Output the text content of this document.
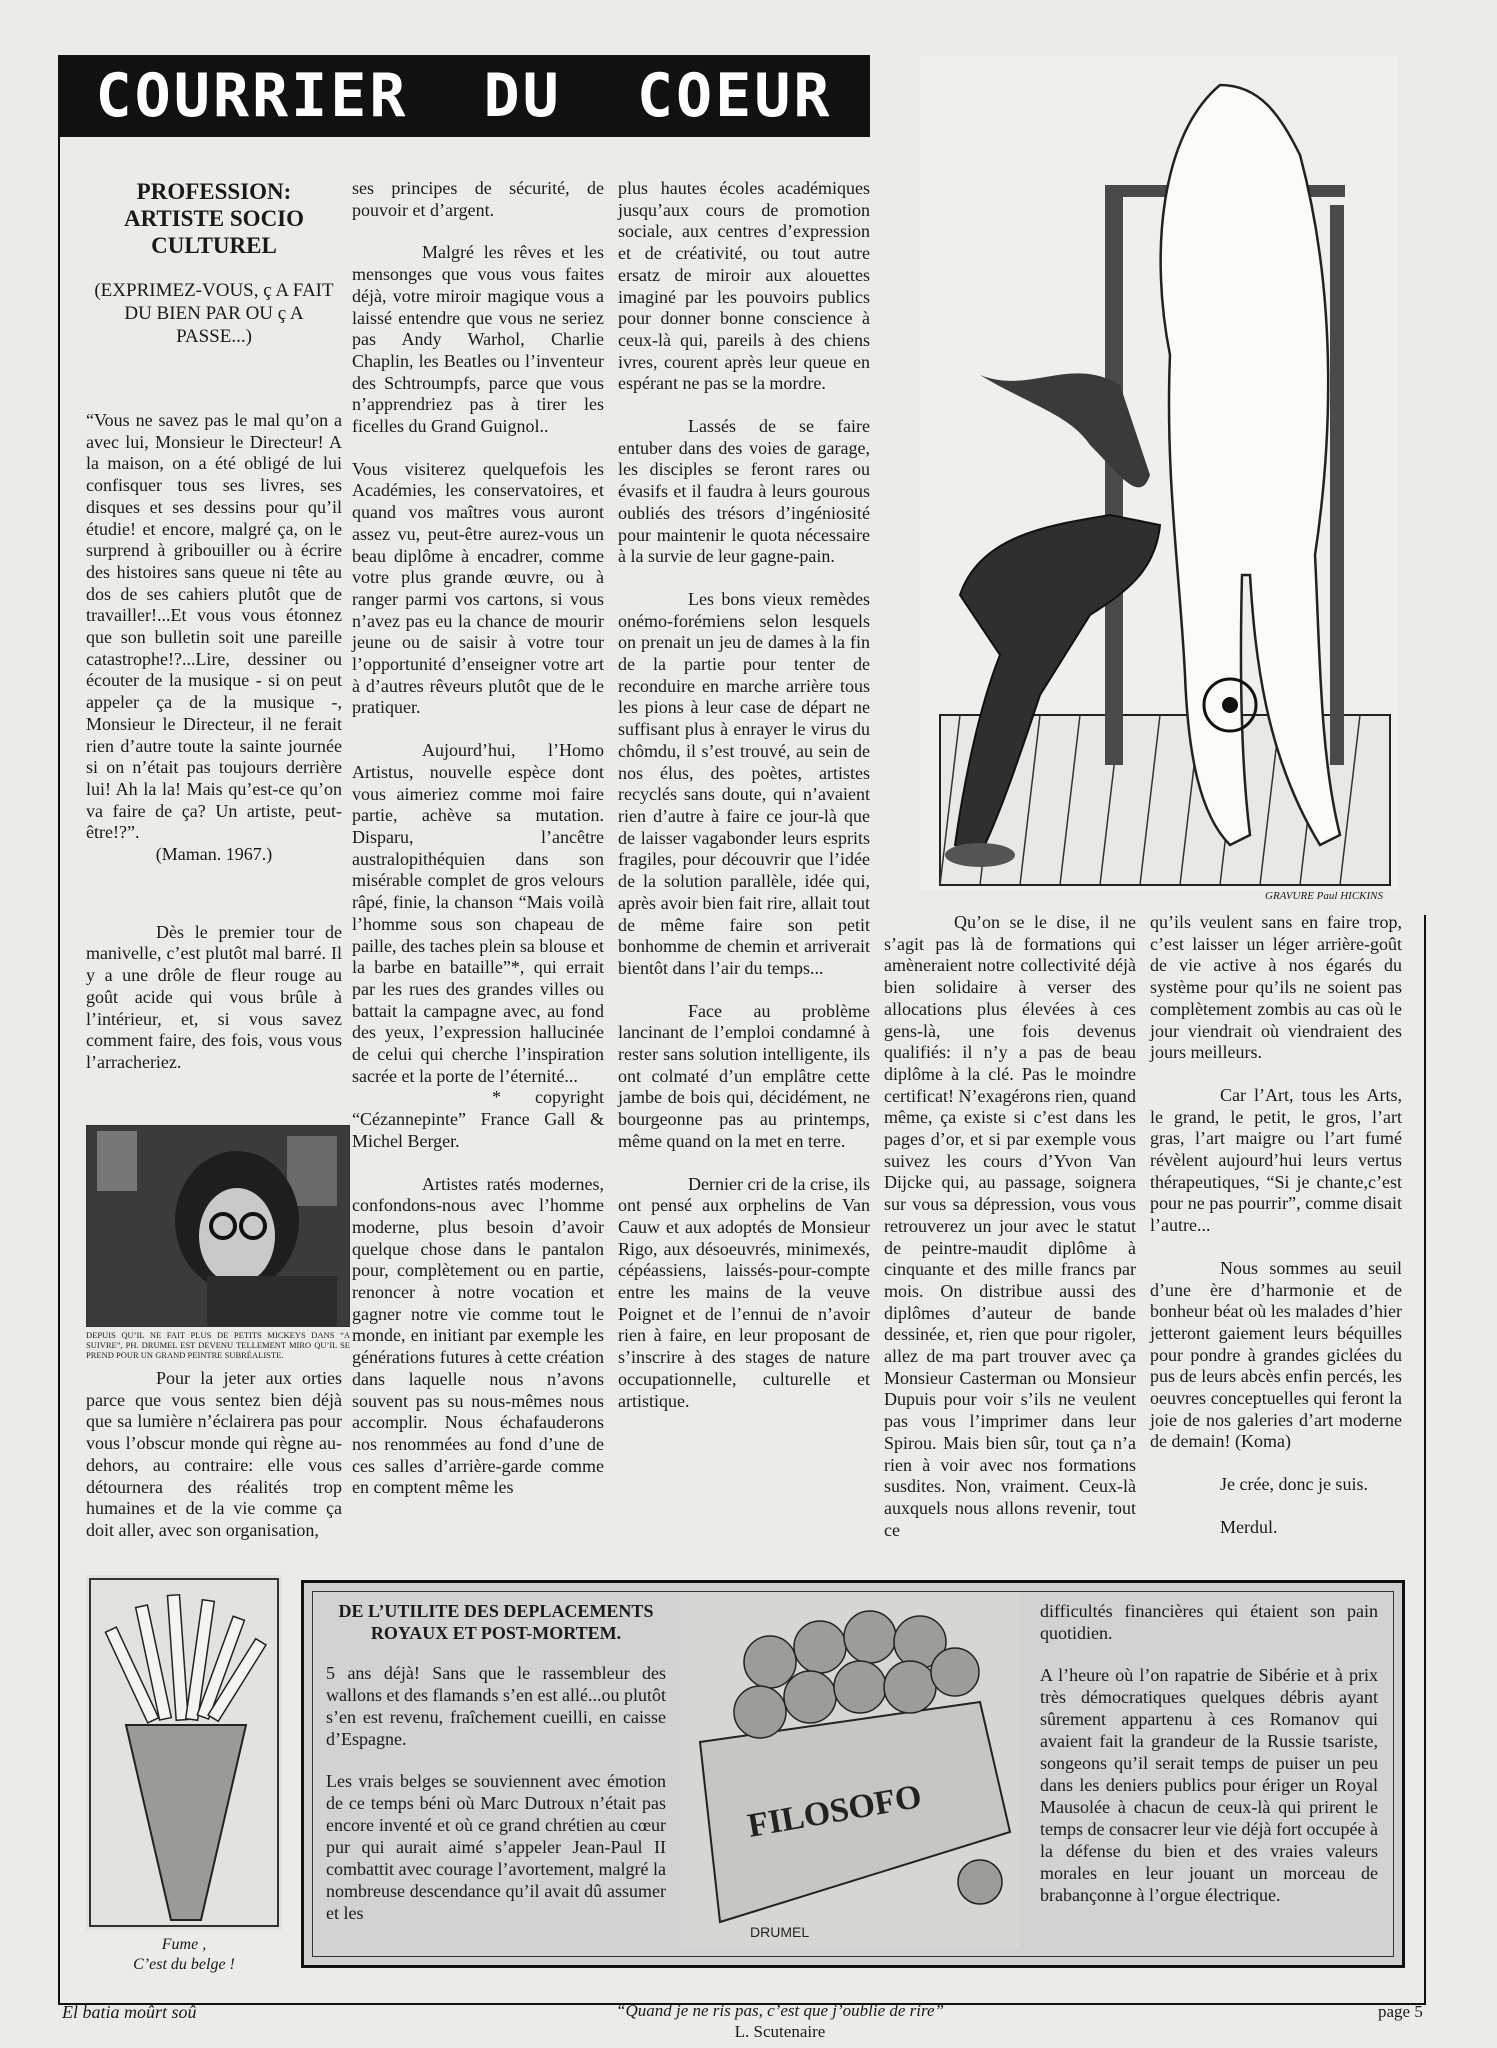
COURRIER DU COEUR
PROFESSION: ARTISTE SOCIO CULTUREL
(EXPRIMEZ-VOUS, ç A FAIT DU BIEN PAR OU ç A PASSE...)

“Vous ne savez pas le mal qu’on a avec lui, Monsieur le Directeur! A la maison, on a été obligé de lui confisquer tous ses livres, ses disques et ses dessins pour qu’il étudie! et encore, malgré ça, on le surprend à gribouiller ou à écrire des histoires sans queue ni tête au dos de ses cahiers plutôt que de travailler!...Et vous vous étonnez que son bulletin soit une pareille catastrophe!?...Lire, dessiner ou écouter de la musique - si on peut appeler ça de la musique -, Monsieur le Directeur, il ne ferait rien d’autre toute la sainte journée si on n’était pas toujours derrière lui! Ah la la! Mais qu’est-ce qu’on va faire de ça? Un artiste, peut-être!?”.

(Maman. 1967.)

Dès le premier tour de manivelle, c’est plutôt mal barré. Il y a une drôle de fleur rouge au goût acide qui vous brûle à l’intérieur, et, si vous savez comment faire, des fois, vous vous l’arracheriez.

DEPUIS QU’IL NE FAIT PLUS DE PETITS MICKEYS DANS “A SUIVRE”, PH. DRUMEL EST DEVENU TELLEMENT MIRO QU’IL SE PREND POUR UN GRAND PEINTRE SUBRÉALISTE.

Pour la jeter aux orties parce que vous sentez bien déjà que sa lumière n’éclairera pas pour vous l’obscur monde qui règne au-dehors, au contraire: elle vous détournera des réalités trop humaines et de la vie comme ça doit aller, avec son organisation,

ses principes de sécurité, de pouvoir et d’argent.

Malgré les rêves et les mensonges que vous vous faites déjà, votre miroir magique vous a laissé entendre que vous ne seriez pas Andy Warhol, Charlie Chaplin, les Beatles ou l’inventeur des Schtroumpfs, parce que vous n’apprendriez pas à tirer les ficelles du Grand Guignol..

Vous visiterez quelquefois les Académies, les conservatoires, et quand vos maîtres vous auront assez vu, peut-être aurez-vous un beau diplôme à encadrer, comme votre plus grande œuvre, ou à ranger parmi vos cartons, si vous n’avez pas eu la chance de mourir jeune ou de saisir à votre tour l’opportunité d’enseigner votre art à d’autres rêveurs plutôt que de le pratiquer.

Aujourd’hui, l’Homo Artistus, nouvelle espèce dont vous aimeriez comme moi faire partie, achève sa mutation. Disparu, l’ancêtre australopithéquien dans son misérable complet de gros velours râpé, finie, la chanson “Mais voilà l’homme sous son chapeau de paille, des taches plein sa blouse et la barbe en bataille”*, qui errait par les rues des grandes villes ou battait la campagne avec, au fond des yeux, l’expression hallucinée de celui qui cherche l’inspiration sacrée et la porte de l’éternité...

* copyright “Cézannepinte” France Gall & Michel Berger.

Artistes ratés modernes, confondons-nous avec l’homme moderne, plus besoin d’avoir quelque chose dans le pantalon pour, complètement ou en partie, renoncer à notre vocation et gagner notre vie comme tout le monde, en initiant par exemple les générations futures à cette création dans laquelle nous n’avons souvent pas su nous-mêmes nous accomplir. Nous échafauderons nos renommées au fond d’une de ces salles d’arrière-garde comme en comptent même les

plus hautes écoles académiques jusqu’aux cours de promotion sociale, aux centres d’expression et de créativité, ou tout autre ersatz de miroir aux alouettes imaginé par les pouvoirs publics pour donner bonne conscience à ceux-là qui, pareils à des chiens ivres, courent après leur queue en espérant ne pas se la mordre.

Lassés de se faire entuber dans des voies de garage, les disciples se feront rares ou évasifs et il faudra à leurs gourous oubliés des trésors d’ingéniosité pour maintenir le quota nécessaire à la survie de leur gagne-pain.

Les bons vieux remèdes onémo-forémiens selon lesquels on prenait un jeu de dames à la fin de la partie pour tenter de reconduire en marche arrière tous les pions à leur case de départ ne suffisant plus à enrayer le virus du chômdu, il s’est trouvé, au sein de nos élus, des poètes, artistes recyclés sans doute, qui n’avaient rien d’autre à faire ce jour-là que de laisser vagabonder leurs esprits fragiles, pour découvrir que l’idée de la solution parallèle, idée qui, après avoir bien fait rire, allait tout de même faire son petit bonhomme de chemin et arriverait bientôt dans l’air du temps...

Face au problème lancinant de l’emploi condamné à rester sans solution intelligente, ils ont colmaté d’un emplâtre cette jambe de bois qui, décidément, ne bourgeonne pas au printemps, même quand on la met en terre.

Dernier cri de la crise, ils ont pensé aux orphelins de Van Cauw et aux adoptés de Monsieur Rigo, aux désoeuvrés, minimexés, cépéassiens, laissés-pour-compte entre les mains de la veuve Poignet et de l’ennui de n’avoir rien à faire, en leur proposant de s’inscrire à des stages de nature occupationnelle, culturelle et artistique.

GRAVURE Paul HICKINS

Qu’on se le dise, il ne s’agit pas là de formations qui amèneraient notre collectivité déjà bien solidaire à verser des allocations plus élevées à ces gens-là, une fois devenus qualifiés: il n’y a pas de beau diplôme à la clé. Pas le moindre certificat! N’exagérons rien, quand même, ça existe si c’est dans les pages d’or, et si par exemple vous suivez les cours d’Yvon Van Dijcke qui, au passage, soignera sur vous sa dépression, vous vous retrouverez un jour avec le statut de peintre-maudit diplôme à cinquante et des mille francs par mois. On distribue aussi des diplômes d’auteur de bande dessinée, et, rien que pour rigoler, allez de ma part trouver avec ça Monsieur Casterman ou Monsieur Dupuis pour voir s’ils ne veulent pas vous l’imprimer dans leur Spirou. Mais bien sûr, tout ça n’a rien à voir avec nos formations susdites. Non, vraiment. Ceux-là auxquels nous allons revenir, tout ce

qu’ils veulent sans en faire trop, c’est laisser un léger arrière-goût de vie active à nos égarés du système pour qu’ils ne soient pas complètement zombis au cas où le jour viendrait où viendraient des jours meilleurs.

Car l’Art, tous les Arts, le grand, le petit, le gros, l’art gras, l’art maigre ou l’art fumé révèlent aujourd’hui leurs vertus thérapeutiques, “Si je chante,c’est pour ne pas pourrir”, comme disait l’autre...

Nous sommes au seuil d’une ère d’harmonie et de bonheur béat où les malades d’hier jetteront gaiement leurs béquilles pour pondre à grandes giclées du pus de leurs abcès enfin percés, les oeuvres conceptuelles qui feront la joie de nos galeries d’art moderne de demain! (Koma)

Je crée, donc je suis.

Merdul.

Fume ,
C’est du belge !
DE L’UTILITE DES DEPLACEMENTS ROYAUX ET POST-MORTEM.

5 ans déjà! Sans que le rassembleur des wallons et des flamands s’en est allé...ou plutôt s’en est revenu, fraîchement cueilli, en caisse d’Espagne.

Les vrais belges se souviennent avec émotion de ce temps béni où Marc Dutroux n’était pas encore inventé et où ce grand chrétien au cœur pur qui aurait aimé s’appeler Jean-Paul II combattit avec courage l’avortement, malgré la nombreuse descendance qu’il avait dû assumer et les

FILOSOFO
DRUMEL

difficultés financières qui étaient son pain quotidien.

A l’heure où l’on rapatrie de Sibérie et à prix très démocratiques quelques débris ayant sûrement appartenu à ces Romanov qui avaient fait la grandeur de la Russie tsariste, songeons qu’il serait temps de puiser un peu dans les deniers publics pour ériger un Royal Mausolée à chacun de ceux-là qui prirent le temps de consacrer leur vie déjà fort occupée à la défense du bien et des vraies valeurs morales en leur jouant un morceau de brabançonne à l’orgue électrique.

El batia moûrt soû	“Quand je ne ris pas, c’est que j’oublie de rire”
L. Scutenaire
page 5
